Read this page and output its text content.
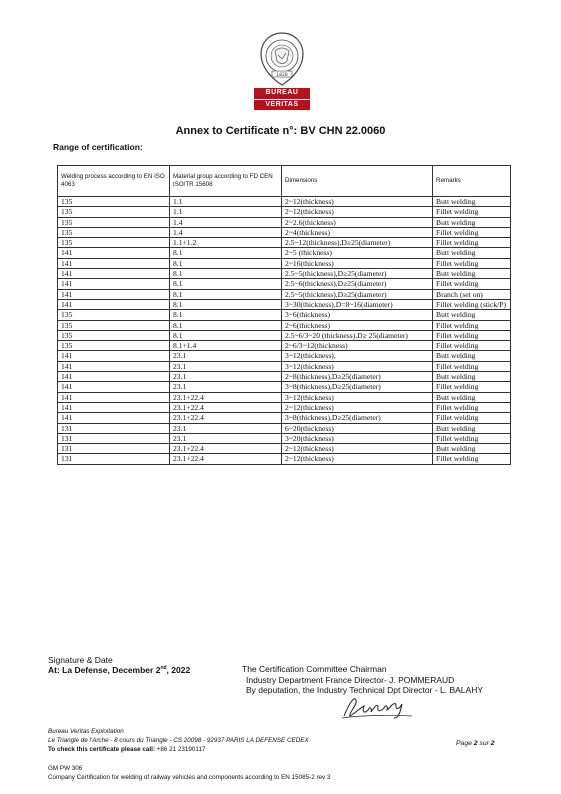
1828
BUREAU
VERITAS
Annex to Certificate n°: BV CHN 22.0060
Range of certification:
Welding process according to EN ISO 4063	Material group according to FD CEN ISO/TR 15608	Dimensions	Remarks
135	1.1	2~12(thickness)	Butt welding
135	1.1	2~12(thickness)	Fillet welding
135	1.4	2~2.6(thickness)	Butt welding
135	1.4	2~4(thickness)	Fillet welding
135	1.1+1.2	2.5~12(thickness),D≥25(diameter)	Fillet welding
141	8.1	2~5 (thickness)	Butt welding
141	8.1	2~16(thickness)	Fillet welding
141	8.1	2.5~5(thickness),D≥25(diameter)	Butt welding
141	8.1	2.5~6(thickness),D≥25(diameter)	Fillet welding
141	8.1	2.5~5(thickness),D≥25(diameter)	Branch (set on)
141	8.1	3~30(thickness),D=8~16(diameter)	Fillet welding (stick/P)
135	8.1	3~6(thickness)	Butt welding
135	8.1	2~6(thickness)	Fillet welding
135	8.1	2.5~6/3~20 (thickness),D≥ 25(diameter)	Fillet welding
135	8.1+1.4	2~6/3~12(thickness)	Fillet welding
141	23.1	3~12(thickness),	Butt welding
141	23.1	3~12(thickness)	Fillet welding
141	23.1	2~8(thickness),D≥25(diameter)	Butt welding
141	23.1	3~8(thickness),D≥25(diameter)	Fillet welding
141	23.1+22.4	3~12(thickness)	Butt welding
141	23.1+22.4	2~12(thickness)	Fillet welding
141	23.1+22.4	3~8(thickness),D≥25(diameter)	Fillet welding
131	23.1	6~20(thickness)	Butt welding
131	23.1	3~20(thickness)	Fillet welding
131	23.1+22.4	2~12(thickness)	Butt welding
131	23.1+22.4	2~12(thickness)	Fillet welding
Signature & Date
At: La Defense, December 2nd, 2022	The Certification Committee Chairman
Industry Department France Director- J. POMMERAUD
By deputation, the Industry Technical Dpt Director - L. BALAHY
Bureau Veritas Exploitation
Le Triangle de l'Arche - 8 cours du Triangle - CS 20098 - 92937 PARIS LA DEFENSE CEDEX
To check this certificate please call: +86 21 23190117
Page 2 sur 2
GM PW 306
Company Certification for welding of railway vehicles and components according to EN 15085-2 rev 3
